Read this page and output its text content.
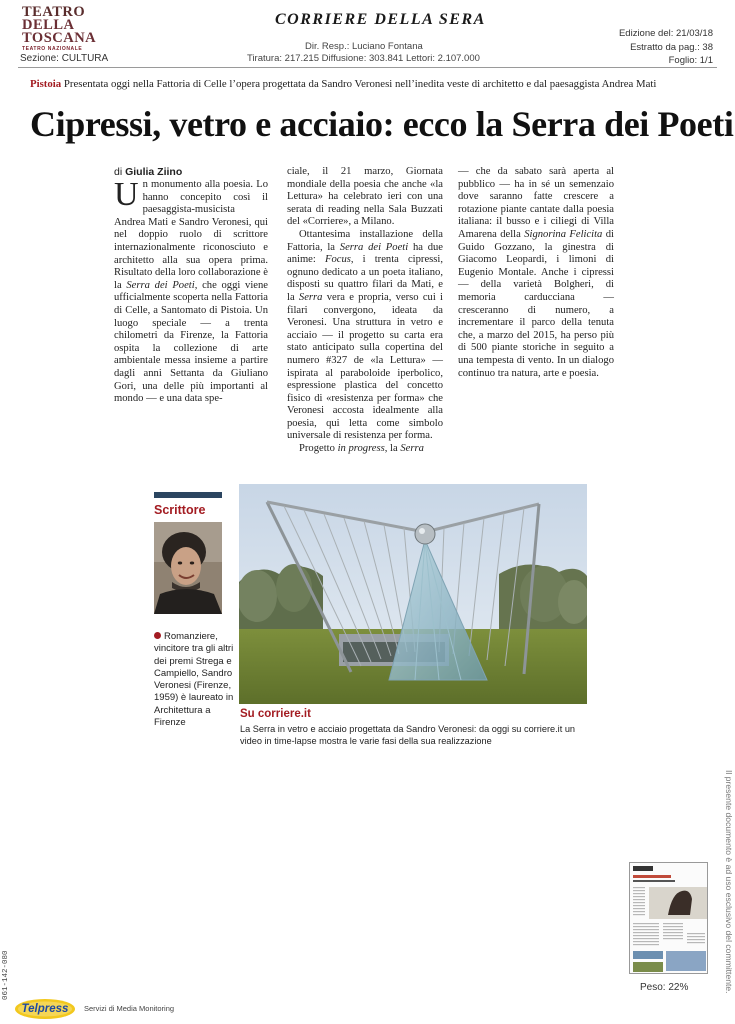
TEATRO
DELLA
TOSCANA
TEATRO NAZIONALE
Sezione: CULTURA
CORRIERE DELLA SERA
Dir. Resp.: Luciano Fontana
Tiratura: 217.215 Diffusione: 303.841 Lettori: 2.107.000
Edizione del: 21/03/18
Estratto da pag.: 38
Foglio: 1/1
Pistoia Presentata oggi nella Fattoria di Celle l’opera progettata da Sandro Veronesi nell’inedita veste di architetto e dal paesaggista Andrea Mati
Cipressi, vetro e acciaio: ecco la Serra dei Poeti
di Giulia Ziino

Un monumento alla poesia. Lo hanno concepito così il paesaggista-musicista Andrea Mati e Sandro Veronesi, qui nel doppio ruolo di scrittore internazionalmente riconosciuto e architetto alla sua opera prima. Risultato della loro collaborazione è la Serra dei Poeti, che oggi viene ufficialmente scoperta nella Fattoria di Celle, a Santomato di Pistoia. Un luogo speciale — a trenta chilometri da Firenze, la Fattoria ospita la collezione di arte ambientale messa insieme a partire dagli anni Settanta da Giuliano Gori, una delle più importanti al mondo — e una data spe-

ciale, il 21 marzo, Giornata mondiale della poesia che anche «la Lettura» ha celebrato ieri con una serata di reading nella Sala Buzzati del «Corriere», a Milano.

Ottantesima installazione della Fattoria, la Serra dei Poeti ha due anime: Focus, i trenta cipressi, ognuno dedicato a un poeta italiano, disposti su quattro filari da Mati, e la Serra vera e propria, verso cui i filari convergono, ideata da Veronesi. Una struttura in vetro e acciaio — il progetto su carta era stato anticipato sulla copertina del numero #327 de «la Lettura» — ispirata al paraboloide iperbolico, espressione plastica del concetto fisico di «resistenza per forma» che Veronesi accosta idealmente alla poesia, qui letta come simbolo universale di resistenza per forma.

Progetto in progress, la Serra

— che da sabato sarà aperta al pubblico — ha in sé un semenzaio dove saranno fatte crescere a rotazione piante cantate dalla poesia italiana: il busso e i ciliegi di Villa Amarena della Signorina Felicita di Guido Gozzano, la ginestra di Giacomo Leopardi, i limoni di Eugenio Montale. Anche i cipressi — della varietà Bolgheri, di memoria carducciana — cresceranno di numero, a incrementare il parco della tenuta che, a marzo del 2015, ha perso più di 500 piante storiche in seguito a una tempesta di vento. In un dialogo continuo tra natura, arte e poesia.

Scrittore
Romanziere, vincitore tra gli altri dei premi Strega e Campiello, Sandro Veronesi (Firenze, 1959) è laureato in Architettura a Firenze
Su corriere.it
La Serra in vetro e acciaio progettata da Sandro Veronesi: da oggi su corriere.it un video in time-lapse mostra le varie fasi della sua realizzazione
Il presente documento è ad uso esclusivo del committente.
061-142-080	Peso: 22%
Telpress	Servizi di Media Monitoring
